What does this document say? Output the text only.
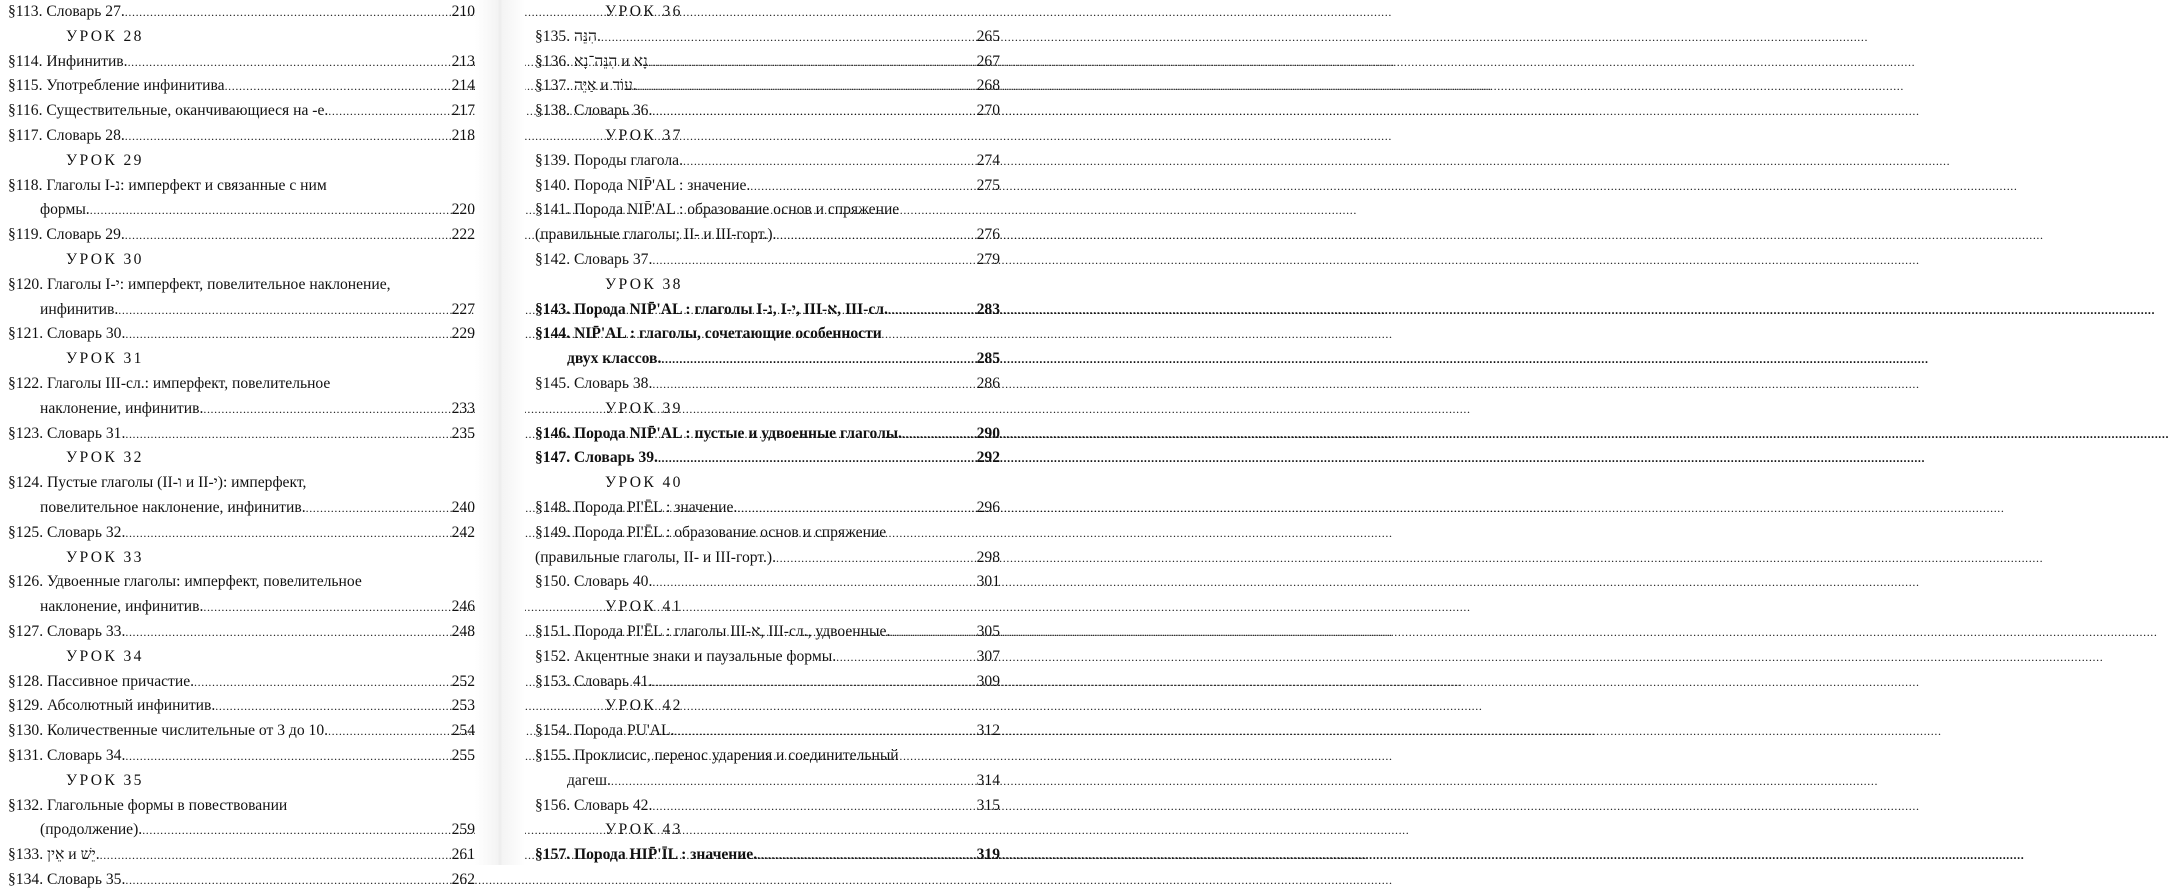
§113. Словарь 27. .....	210
УРОК 28
§114. Инфинитив. .....	213
§115. Употребление инфинитива .....	214
§116. Существительные, оканчивающиеся на -е. .....	217
§117. Словарь 28. .....	218
УРОК 29
§118. Глаголы I-נ: имперфект и связанные с ним
формы. .....	220
§119. Словарь 29. .....	222
УРОК 30
§120. Глаголы I-י: имперфект, повелительное наклонение,
инфинитив. .....	227
§121. Словарь 30. .....	229
УРОК 31
§122. Глаголы III-сл.: имперфект, повелительное
наклонение, инфинитив. .....	233
§123. Словарь 31. .....	235
УРОК 32
§124. Пустые глаголы (II-ו и II-י): имперфект,
повелительное наклонение, инфинитив. .....	240
§125. Словарь 32. .....	242
УРОК 33
§126. Удвоенные глаголы: имперфект, повелительное
наклонение, инфинитив. .....	246
§127. Словарь 33. .....	248
УРОК 34
§128. Пассивное причастие. .....	252
§129. Абсолютный инфинитив. .....	253
§130. Количественные числительные от 3 до 10. .....	254
§131. Словарь 34. .....	255
УРОК 35
§132. Глагольные формы в повествовании
(продолжение). .....	259
§133. אֵין и יֵשׁ. .....	261
§134. Словарь 35. .....	262
УРОК 36
§135. הִנֵּה. .....	265
§136. הִנֵּה־נָא и נָא .....	267
§137. אַיֵּה и עוֹד. .....	268
§138. Словарь 36. .....	270
УРОК 37
§139. Породы глагола. .....	274
§140. Порода NIP̄'AL : значение. .....	275
§141. Порода NIP̄'AL : образование основ и спряжение
(правильные глаголы; II- и III-горт.). .....	276
§142. Словарь 37. .....	279
УРОК 38
§143. Порода NIP̄'AL : глаголы I-נ, I-י, III-א, III-сл. .....	283
§144. NIP̄'AL : глаголы, сочетающие особенности
двух классов. .....	285
§145. Словарь 38. .....	286
УРОК 39
§146. Порода NIP̄'AL : пустые и удвоенные глаголы. .....	290
§147. Словарь 39. .....	292
УРОК 40
§148. Порода PI'ĒL : значение. .....	296
§149. Порода PI'ĒL : образование основ и спряжение
(правильные глаголы, II- и III-горт.). .....	298
§150. Словарь 40. .....	301
УРОК 41
§151. Порода PI'ĒL : глаголы III-א, III-сл., удвоенные. .....	305
§152. Акцентные знаки и паузальные формы. .....	307
§153. Словарь 41. .....	309
УРОК 42
§154. Порода PU'AL. .....	312
§155. Проклисис, перенос ударения и соединительный
дагеш. .....	314
§156. Словарь 42. .....	315
УРОК 43
§157. Порода HIP̄'ĪL : значение. .....	319
